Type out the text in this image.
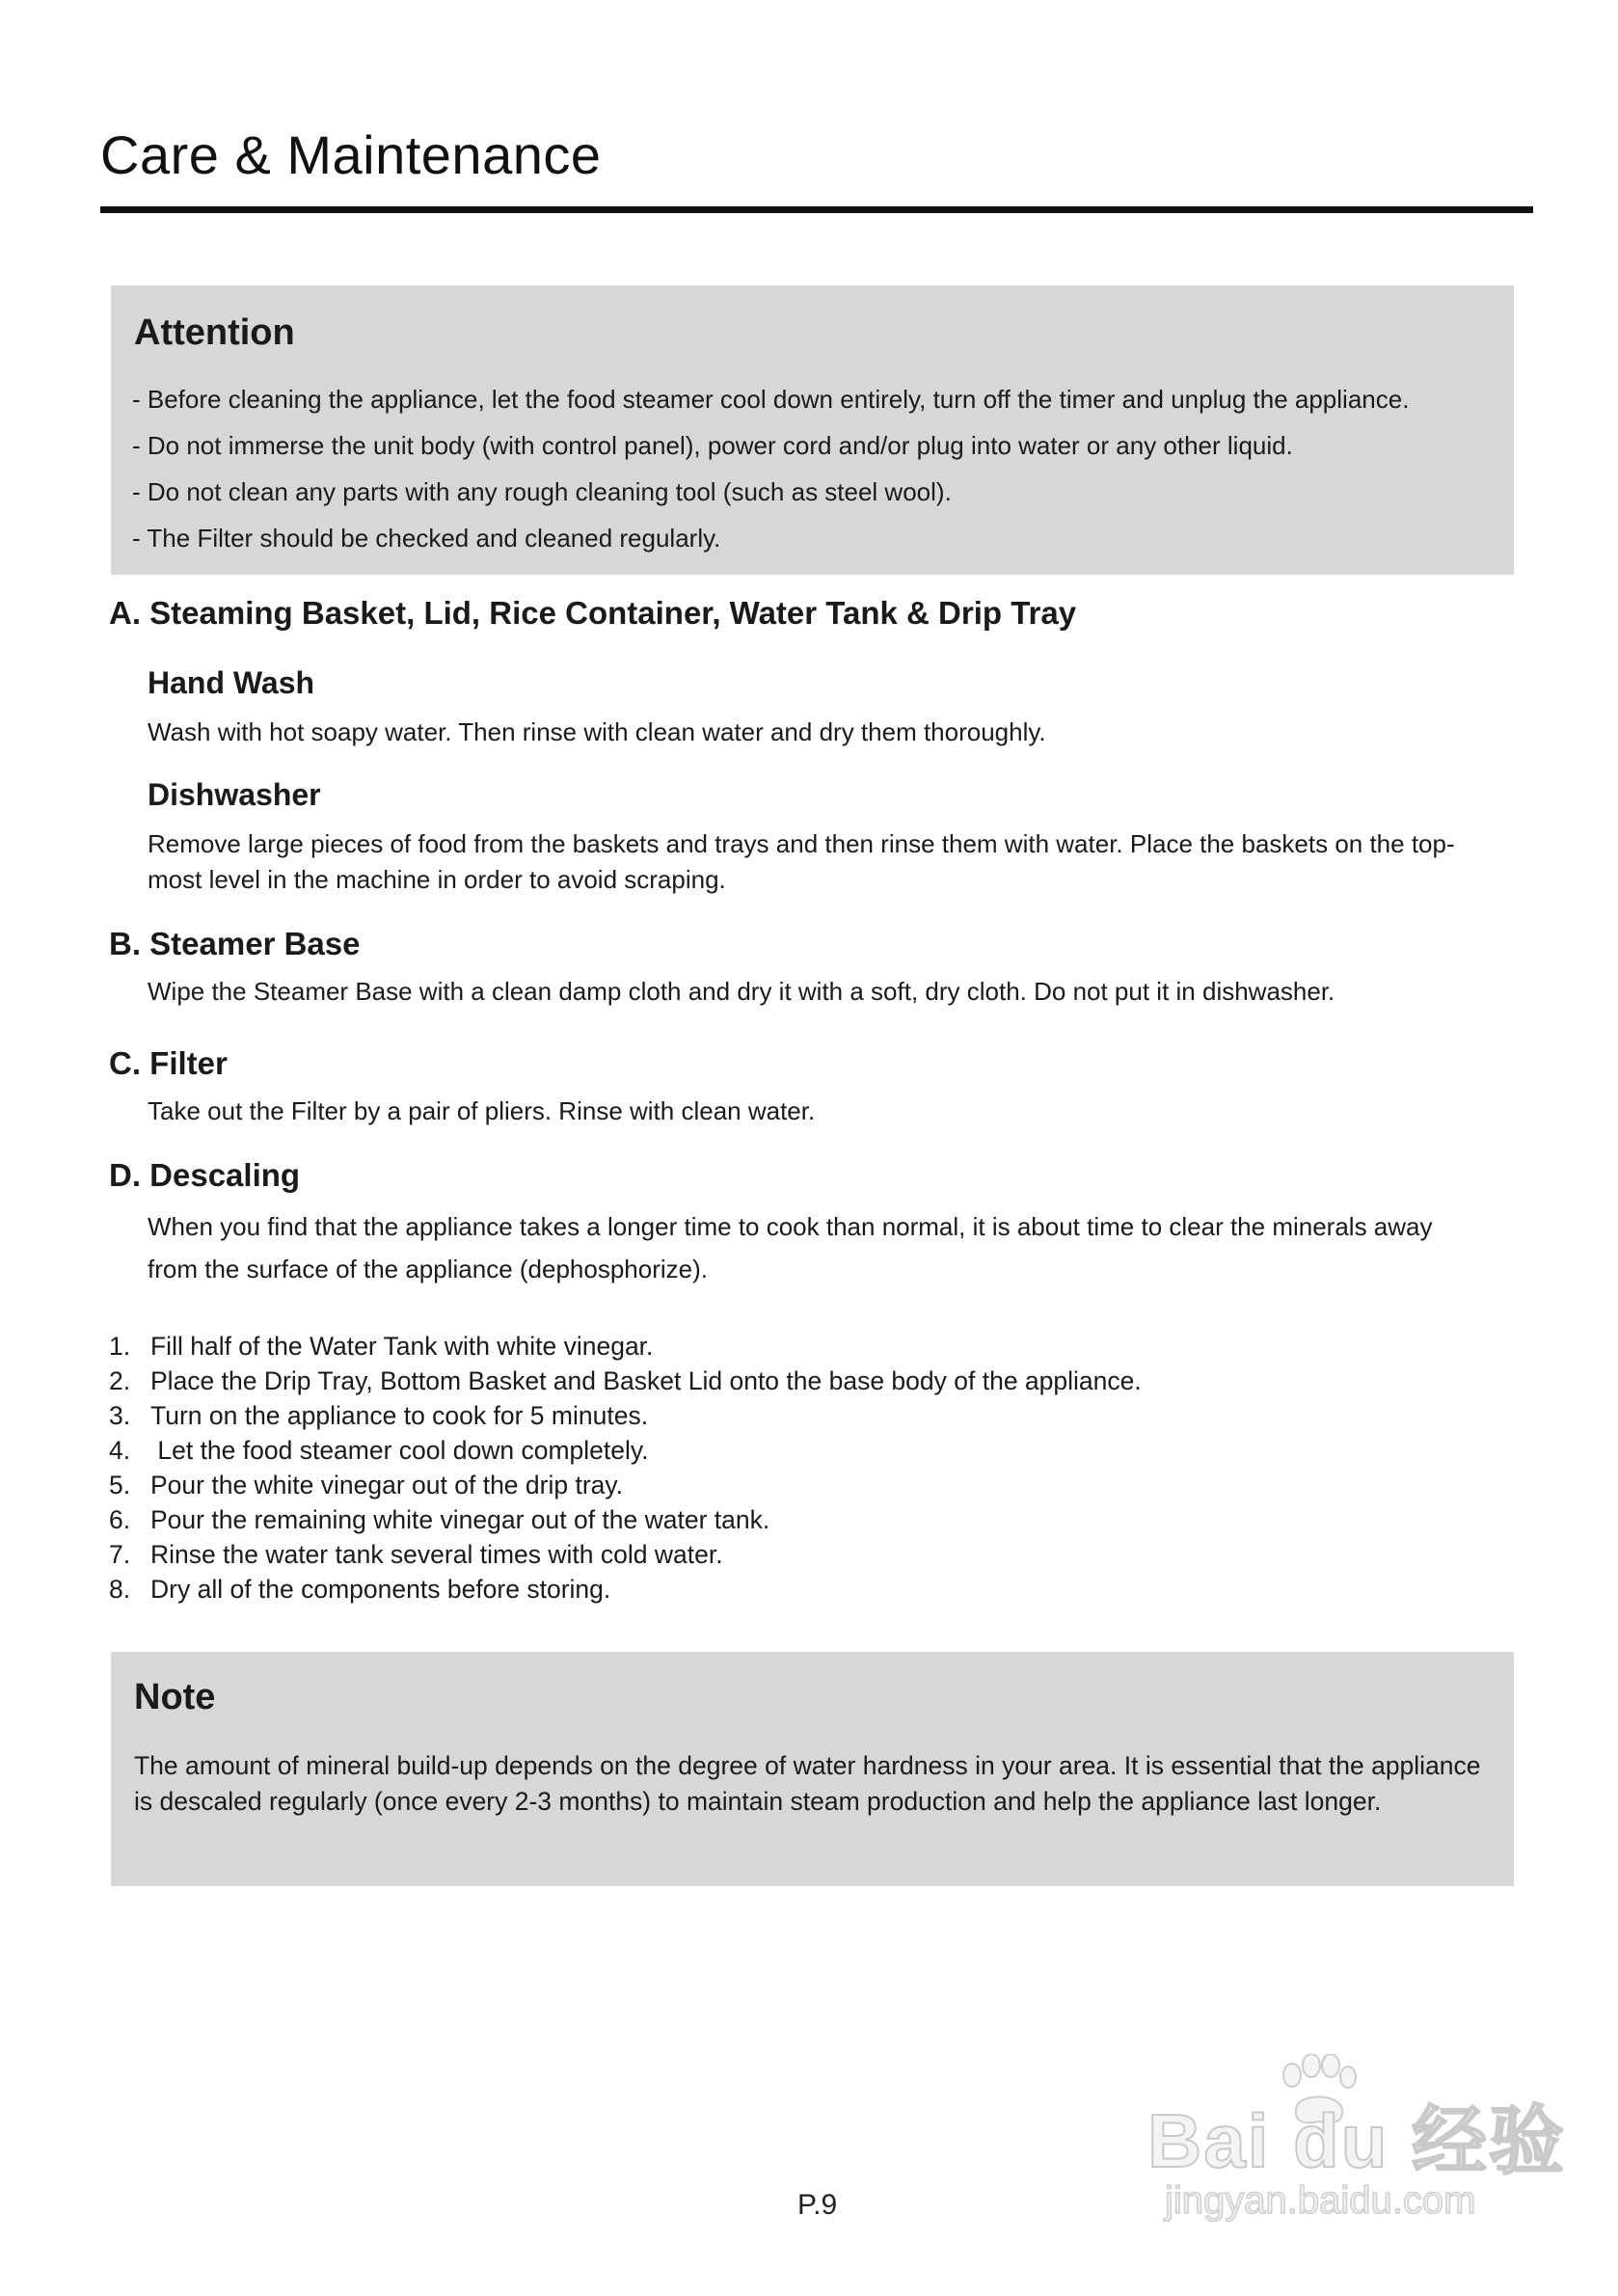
Care & Maintenance
Attention
- Before cleaning the appliance, let the food steamer cool down entirely, turn off the timer and unplug the appliance.
- Do not immerse the unit body (with control panel), power cord and/or plug into water or any other liquid.
- Do not clean any parts with any rough cleaning tool (such as steel wool).
- The Filter should be checked and cleaned regularly.
A. Steaming Basket, Lid, Rice Container, Water Tank & Drip Tray
Hand Wash

Wash with hot soapy water. Then rinse with clean water and dry them thoroughly.

Dishwasher

Remove large pieces of food from the baskets and trays and then rinse them with water. Place the baskets on the top-most level in the machine in order to avoid scraping.

B. Steamer Base

Wipe the Steamer Base with a clean damp cloth and dry it with a soft, dry cloth. Do not put it in dishwasher.

C. Filter

Take out the Filter by a pair of pliers. Rinse with clean water.

D. Descaling

When you find that the appliance takes a longer time to cook than normal, it is about time to clear the minerals away from the surface of the appliance (dephosphorize).

1. Fill half of the Water Tank with white vinegar.
2. Place the Drip Tray, Bottom Basket and Basket Lid onto the base body of the appliance.
3. Turn on the appliance to cook for 5 minutes.
4. Let the food steamer cool down completely.
5. Pour the white vinegar out of the drip tray.
6. Pour the remaining white vinegar out of the water tank.
7. Rinse the water tank several times with cold water.
8. Dry all of the components before storing.
Note

The amount of mineral build-up depends on the degree of water hardness in your area. It is essential that the appliance is descaled regularly (once every 2-3 months) to maintain steam production and help the appliance last longer.

Bai du 经验
jingyan.baidu.com
P.9
